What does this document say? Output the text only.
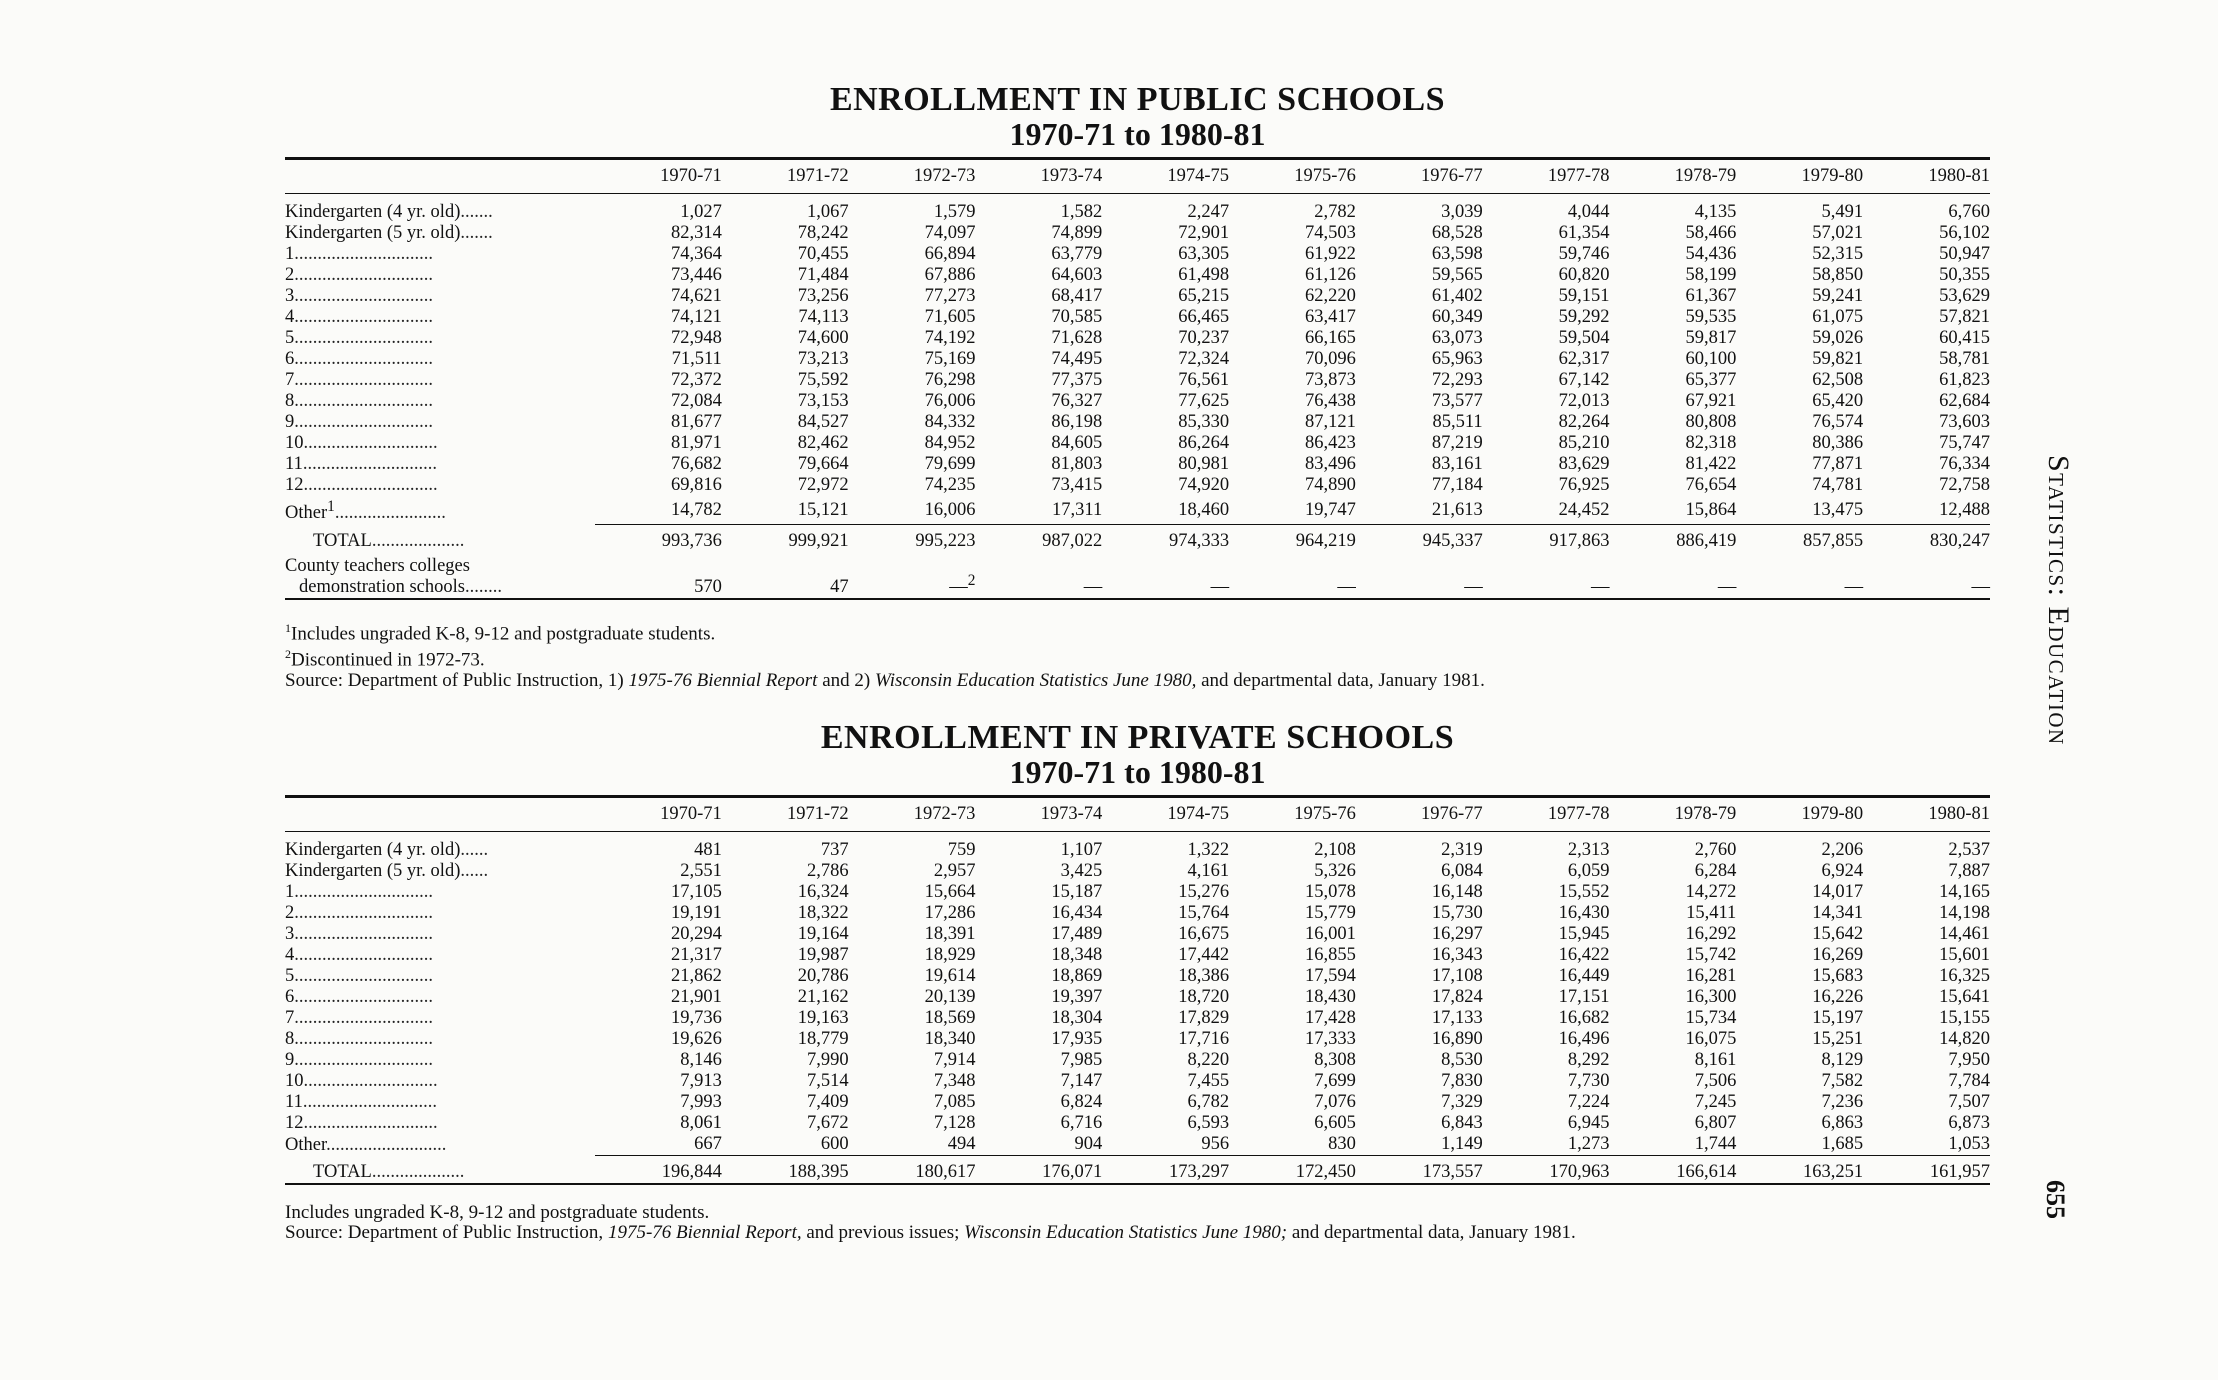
ENROLLMENT IN PUBLIC SCHOOLS
1970-71 to 1980-81
	1970-71	1971-72	1972-73	1973-74	1974-75	1975-76	1976-77	1977-78	1978-79	1979-80	1980-81
Kindergarten (4 yr. old).......	1,027	1,067	1,579	1,582	2,247	2,782	3,039	4,044	4,135	5,491	6,760
Kindergarten (5 yr. old).......	82,314	78,242	74,097	74,899	72,901	74,503	68,528	61,354	58,466	57,021	56,102
1..............................	74,364	70,455	66,894	63,779	63,305	61,922	63,598	59,746	54,436	52,315	50,947
2..............................	73,446	71,484	67,886	64,603	61,498	61,126	59,565	60,820	58,199	58,850	50,355
3..............................	74,621	73,256	77,273	68,417	65,215	62,220	61,402	59,151	61,367	59,241	53,629
4..............................	74,121	74,113	71,605	70,585	66,465	63,417	60,349	59,292	59,535	61,075	57,821
5..............................	72,948	74,600	74,192	71,628	70,237	66,165	63,073	59,504	59,817	59,026	60,415
6..............................	71,511	73,213	75,169	74,495	72,324	70,096	65,963	62,317	60,100	59,821	58,781
7..............................	72,372	75,592	76,298	77,375	76,561	73,873	72,293	67,142	65,377	62,508	61,823
8..............................	72,084	73,153	76,006	76,327	77,625	76,438	73,577	72,013	67,921	65,420	62,684
9..............................	81,677	84,527	84,332	86,198	85,330	87,121	85,511	82,264	80,808	76,574	73,603
10.............................	81,971	82,462	84,952	84,605	86,264	86,423	87,219	85,210	82,318	80,386	75,747
11.............................	76,682	79,664	79,699	81,803	80,981	83,496	83,161	83,629	81,422	77,871	76,334
12.............................	69,816	72,972	74,235	73,415	74,920	74,890	77,184	76,925	76,654	74,781	72,758
Other$^1$........................	14,782	15,121	16,006	17,311	18,460	19,747	21,613	24,452	15,864	13,475	12,488
TOTAL....................	993,736	999,921	995,223	987,022	974,333	964,219	945,337	917,863	886,419	857,855	830,247

County teachers colleges
demonstration schools........	570	47	—$^2$	—	—	—	—	—	—	—	—
$^1$Includes ungraded K-8, 9-12 and postgraduate students.
$^2$Discontinued in 1972-73.
Source: Department of Public Instruction, 1) 1975-76 Biennial Report and 2) Wisconsin Education Statistics June 1980, and departmental data, January 1981.
ENROLLMENT IN PRIVATE SCHOOLS
1970-71 to 1980-81
	1970-71	1971-72	1972-73	1973-74	1974-75	1975-76	1976-77	1977-78	1978-79	1979-80	1980-81
Kindergarten (4 yr. old)......	481	737	759	1,107	1,322	2,108	2,319	2,313	2,760	2,206	2,537
Kindergarten (5 yr. old)......	2,551	2,786	2,957	3,425	4,161	5,326	6,084	6,059	6,284	6,924	7,887
1..............................	17,105	16,324	15,664	15,187	15,276	15,078	16,148	15,552	14,272	14,017	14,165
2..............................	19,191	18,322	17,286	16,434	15,764	15,779	15,730	16,430	15,411	14,341	14,198
3..............................	20,294	19,164	18,391	17,489	16,675	16,001	16,297	15,945	16,292	15,642	14,461
4..............................	21,317	19,987	18,929	18,348	17,442	16,855	16,343	16,422	15,742	16,269	15,601
5..............................	21,862	20,786	19,614	18,869	18,386	17,594	17,108	16,449	16,281	15,683	16,325
6..............................	21,901	21,162	20,139	19,397	18,720	18,430	17,824	17,151	16,300	16,226	15,641
7..............................	19,736	19,163	18,569	18,304	17,829	17,428	17,133	16,682	15,734	15,197	15,155
8..............................	19,626	18,779	18,340	17,935	17,716	17,333	16,890	16,496	16,075	15,251	14,820
9..............................	8,146	7,990	7,914	7,985	8,220	8,308	8,530	8,292	8,161	8,129	7,950
10.............................	7,913	7,514	7,348	7,147	7,455	7,699	7,830	7,730	7,506	7,582	7,784
11.............................	7,993	7,409	7,085	6,824	6,782	7,076	7,329	7,224	7,245	7,236	7,507
12.............................	8,061	7,672	7,128	6,716	6,593	6,605	6,843	6,945	6,807	6,863	6,873
Other..........................	667	600	494	904	956	830	1,149	1,273	1,744	1,685	1,053
TOTAL....................	196,844	188,395	180,617	176,071	173,297	172,450	173,557	170,963	166,614	163,251	161,957
Includes ungraded K-8, 9-12 and postgraduate students.
Source: Department of Public Instruction, 1975-76 Biennial Report, and previous issues; Wisconsin Education Statistics June 1980; and departmental data, January 1981.
Statistics: Education
655
